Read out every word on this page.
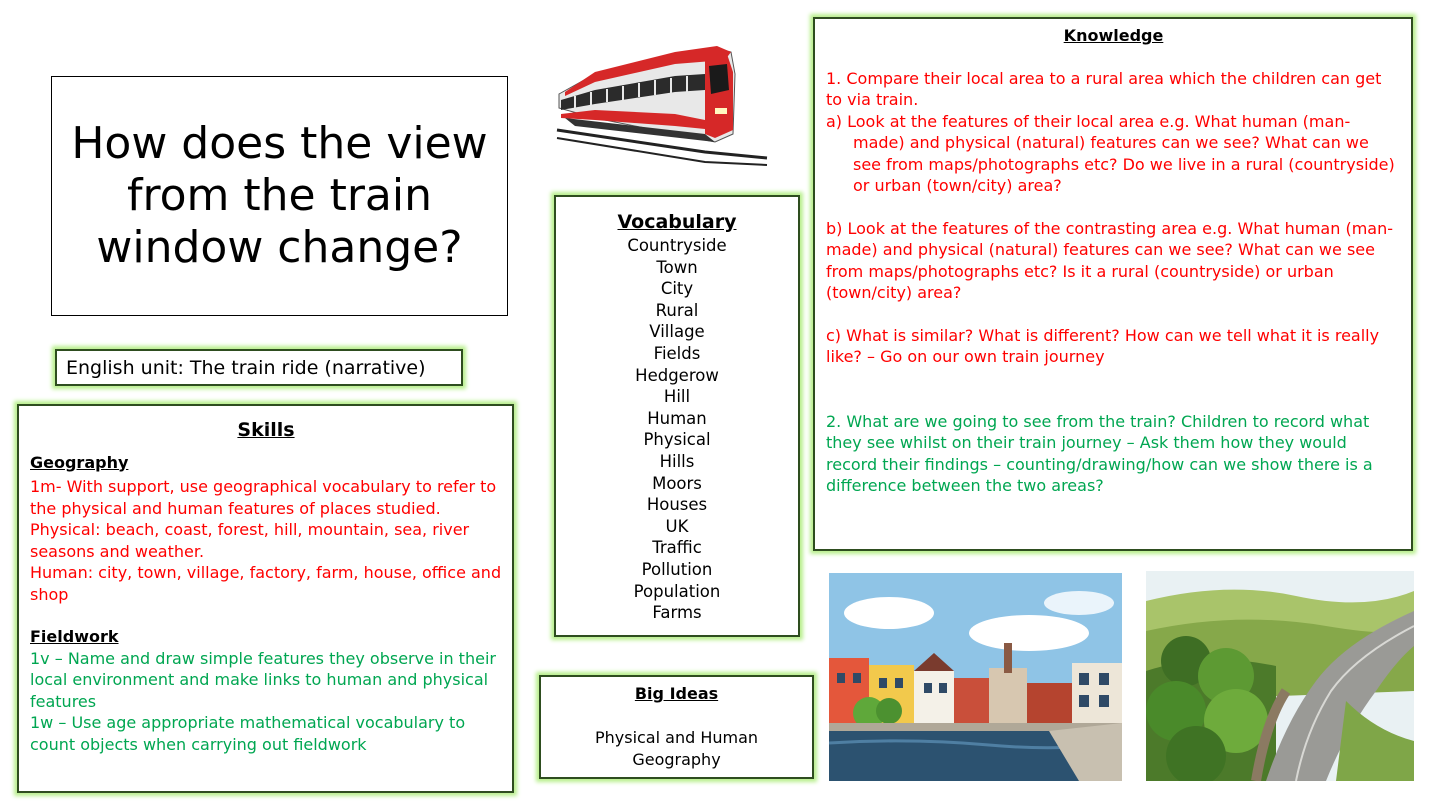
How does the view from the train window change?
English unit: The train ride (narrative)
Skills
Geography

1m- With support, use geographical vocabulary to refer to the physical and human features of places studied.

Physical: beach, coast, forest, hill, mountain, sea, river seasons and weather.

Human: city, town, village, factory, farm, house, office and shop

Fieldwork

1v – Name and draw simple features they observe in their local environment and make links to human and physical features

1w – Use age appropriate mathematical vocabulary to count objects when carrying out fieldwork

Vocabulary
Countryside
Town
City
Rural
Village
Fields
Hedgerow
Hill
Human
Physical
Hills
Moors
Houses
UK
Traffic
Pollution
Population
Farms
Big Ideas
Physical and Human Geography
Knowledge

1. Compare their local area to a rural area which the children can get to via train.

a) Look at the features of their local area e.g. What human (man-made) and physical (natural) features can we see? What can we see from maps/photographs etc? Do we live in a rural (countryside) or urban (town/city) area?

b) Look at the features of the contrasting area e.g. What human (man-made) and physical (natural) features can we see? What can we see from maps/photographs etc? Is it a rural (countryside) or urban (town/city) area?

c) What is similar? What is different? How can we tell what it is really like? – Go on our own train journey

2. What are we going to see from the train? Children to record what they see whilst on their train journey – Ask them how they would record their findings – counting/drawing/how can we show there is a difference between the two areas?
